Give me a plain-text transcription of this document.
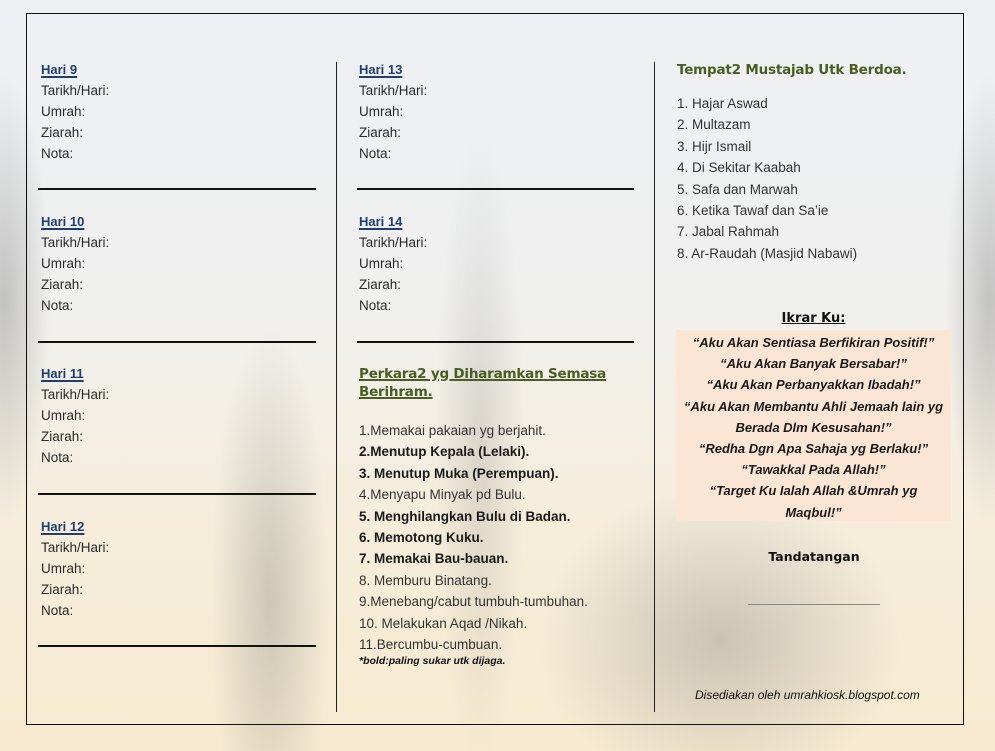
Hari 9
Tarikh/Hari:
Umrah:
Ziarah:
Nota:
Hari 10
Tarikh/Hari:
Umrah:
Ziarah:
Nota:
Hari 11
Tarikh/Hari:
Umrah:
Ziarah:
Nota:
Hari 12
Tarikh/Hari:
Umrah:
Ziarah:
Nota:
Hari 13
Tarikh/Hari:
Umrah:
Ziarah:
Nota:
Hari 14
Tarikh/Hari:
Umrah:
Ziarah:
Nota:
Perkara2 yg Diharamkan Semasa
Berihram.
1.Memakai pakaian yg berjahit.
2.Menutup Kepala (Lelaki).
3. Menutup Muka (Perempuan).
4.Menyapu Minyak pd Bulu.
5. Menghilangkan Bulu di Badan.
6. Memotong Kuku.
7. Memakai Bau-bauan.
8. Memburu Binatang.
9.Menebang/cabut tumbuh-tumbuhan.
10. Melakukan Aqad /Nikah.
11.Bercumbu-cumbuan.
*bold:paling sukar utk dijaga.
Tempat2 Mustajab Utk Berdoa.
1. Hajar Aswad
2. Multazam
3. Hijr Ismail
4. Di Sekitar Kaabah
5. Safa dan Marwah
6. Ketika Tawaf dan Sa’ie
7. Jabal Rahmah
8. Ar-Raudah (Masjid Nabawi)
Ikrar Ku:
“Aku Akan Sentiasa Berfikiran Positif!”
“Aku Akan Banyak Bersabar!”
“Aku Akan Perbanyakkan Ibadah!”
“Aku Akan Membantu Ahli Jemaah lain yg
Berada Dlm Kesusahan!”
“Redha Dgn Apa Sahaja yg Berlaku!”
“Tawakkal Pada Allah!”
“Target Ku Ialah Allah &Umrah yg
Maqbul!”
Tandatangan
Disediakan oleh umrahkiosk.blogspot.com
